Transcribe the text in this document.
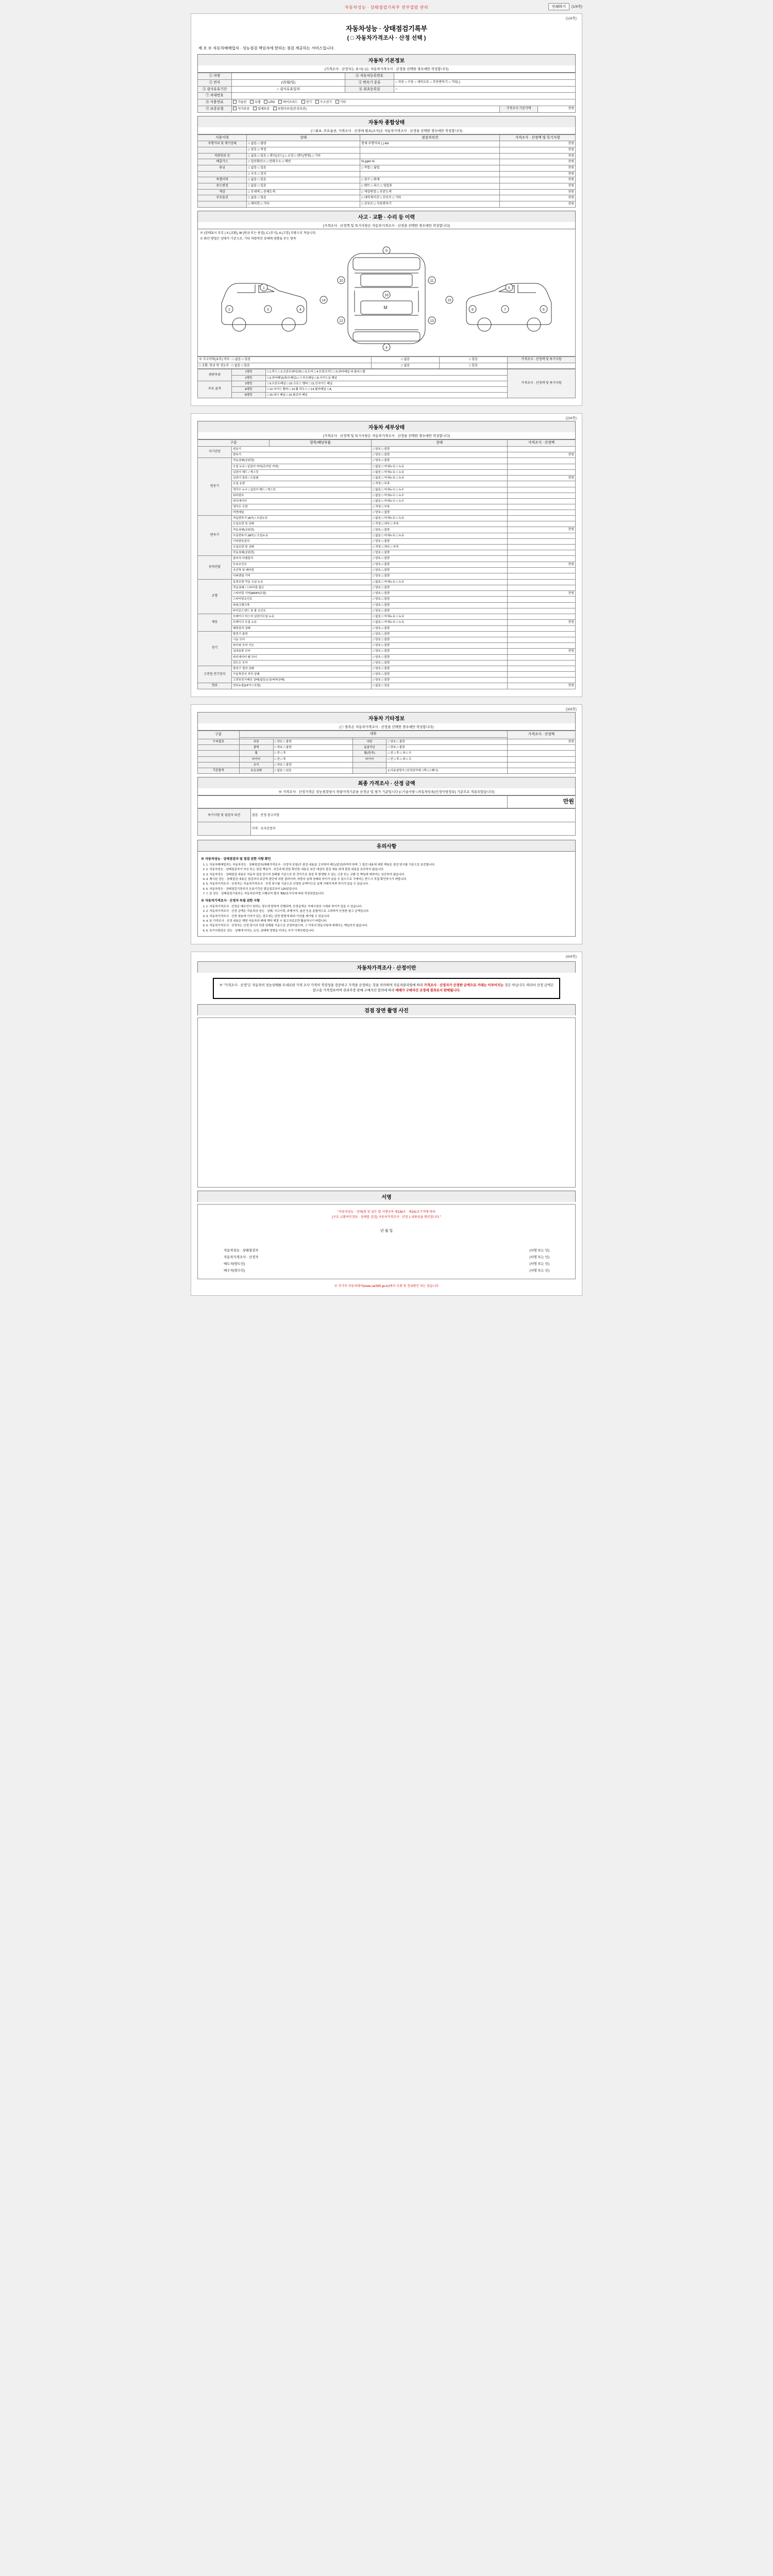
자동차성능 · 상태점검기록부 전부열람 관리	인쇄하기	(1/4쪽)
(1/4쪽)
자동차성능 · 상태점검기록부
( □ 자동차가격조사 · 산정 선택 )
제 호 ※ 자동차매매업자 · 성능점검 책임자에 한하는 점검 계공하는 서비스입니다.
자동차 기본정보
(가격조사 · 산정자는 표시(○)는 자동차가격조사 · 산정을 선택한 경우에만 작성합니다)
① 차명		④ 자동차등록번호			
② 연식	(년/월/일)	⑤ 변속기 종류	○ 자동 ○ 수동 ○ 세미오토 ○ 무단변속기 ○ 기타( )		
③ 검사유효기간	○ 검사유효일자	⑥ 최초등록일	~		
⑦ 차대번호					
⑧ 사용연료	가솔린 디젤 LPG 하이브리드 전기 수소전기 기타				
⑨ 보증유형	자가보증 업체보증 보험사보증(무상보증)			가격조사 기준가액	천원
자동차 종합상태
(◇최초, 주요옵션, 가격조사 · 산정에 필요(조사)은 자동차가격조사 · 산정을 선택한 경우에만 작성합니다)
사용이력	상태	점검자의견	가격조사 · 산정액 및 특기사항
주행거리 및 계기상태	□ 없음 □ 불량	현재 주행거리 ( ) km	천원
	□ 양호 □ 적정		천원
차량연료 등	□ 없음 □ 있음 □ 확인(코드) □ 교정 □ 렌트(변형) □ 기타		천원
배출가스	□ 일산화탄소 □ 탄화수소 □ 매연	% ppm %	천원
튜닝	□ 없음 □ 있음	□ 적법 □ 불법	천원
	□ 구조 □ 장치		천원
특별이력	□ 없음 □ 있음	□ 침수 □ 화재	천원
용도변경	□ 없음 □ 있음	□ 렌트 □ 리스 □ 영업용	천원
색상	□ 무채색 □ 전체도색	□ 색상변경 □ 부분도색	천원
주요옵션	□ 없음 □ 있음	□ 내비게이션 □ 선루프 □ 기타	천원
	□ 에어컨 □ 기타	□ 선루프 □ 자동변속기	천원
사고 · 교환 · 수리 등 이력
(가격조사 · 산정액 및 특기사항은 자동차가격조사 · 산정을 선택한 경우에만 작성합니다)
※ (상태표시 부호 ) X (교환), W (판금 또는 용접), C (부식), A (고장) 부품으로 적습니다.
※ 화인 방법은 상태가 기준으로, 기타 차량적인 상태에 영향을 주는 항목
M
1
2	3	4
5
6
7
8
9
4
10	11
12	13
14	15
16
※ 사고이력(유무) 여부 : □ 없음 □ 있음	□ 없음	□ 있음	가격조사 · 산정액 및 특기사항
□ 교환, 판금 및 성능부 : □ 없음 □ 있음	□ 없음	□ 있음	
외판부위	1랭킹	□ 1.후드 □ 2.프론트펜더(좌) □ 3.도어 □ 4.트렁크리드 □ 5.쿼터패널 외 플러스별	가격조사 · 산정액 및 특기사항
	2랭킹	□ 6.퀴어패널(좌/우패널) □ 7.루프패널 □ 8.사이드실 패널	
주요 골격	3랭킹	□ 9.프론트패널 □ 10.크로스 멤버 □ 11.인사이드 패널	
	A랭킹	□ 12.사이드 멤버 □ 13.휠 하우스 □ 14.필러패널 □ A,	
	B랭킹	□ 15.대시 패널 □ 16.플로어 패널	
(2/4쪽)
자동차 세부상태
(가격조사 · 산정액 및 특기사항은 자동차가격조사 · 산정을 선택한 경우에만 작성합니다)
구분		항목/해당부품	상태	가격조사 · 산정액
자기진단	원동기		□ 양호 □ 불량	
	변속기		□ 양호 □ 불량	천원
원동기	작동상태(공회전)		□ 양호 □ 불량	
	오일 누유 / 실린더 커버(로커암 커버)		□ 없음 □ 미세누유 □ 누유	
	실린더 헤드 / 개스킷		□ 없음 □ 미세누유 □ 누유	
	실린더 블록 / 오일팬		□ 없음 □ 미세누유 □ 누유	천원
	오일 유량		□ 적정 □ 부족	
	냉각수 누수 / 실린더 헤드 / 개스킷		□ 없음 □ 미세누수 □ 누수	
	워터펌프		□ 없음 □ 미세누수 □ 누수	
	라디에이터		□ 없음 □ 미세누수 □ 누수	
	냉각수 수량		□ 적정 □ 부족	
	커먼레일		□ 양호 □ 불량	
변속기	자동변속기 (A/T) / 오일누유		□ 없음 □ 미세누유 □ 누유	
	오일유량 및 상태		□ 적정 □ 과다 □ 부족	
	작동상태(공회전)		□ 양호 □ 불량	천원
	수동변속기 (M/T) / 오일누유		□ 없음 □ 미세누유 □ 누유	
	기어변속장치		□ 양호 □ 불량	
	오일유량 및 상태		□ 적정 □ 과다 □ 부족	
	작동상태(공회전)		□ 양호 □ 불량	
동력전달	클러치 어셈블리		□ 양호 □ 불량	
	등속조인트		□ 양호 □ 불량	천원
	추진축 및 베어링		□ 양호 □ 불량	
	디퍼렌셜 기어		□ 양호 □ 불량	
조향	동력조향 작동 오일 누유		□ 없음 □ 미세누유 □ 누유	
	작동상태 / 스티어링 펌프		□ 양호 □ 불량	
	스티어링 기어(MDPS포함)		□ 양호 □ 불량	천원
	스티어링조인트		□ 양호 □ 불량	
	파워크랭크축		□ 양호 □ 불량	
	타이로드엔드 및 볼 조인트		□ 양호 □ 불량	
제동	브레이크 마스터 실린더오일 누유		□ 없음 □ 미세누유 □ 누유	
	브레이크 오일 누유		□ 없음 □ 미세누유 □ 누유	천원
	배력장치 상태		□ 양호 □ 불량	
전기	발전기 출력		□ 양호 □ 불량	
	시동 모터		□ 양호 □ 불량	
	와이퍼 모터 기능		□ 양호 □ 불량	
	실내송풍 모터		□ 양호 □ 불량	천원
	라디에이터 팬 모터		□ 양호 □ 불량	
	윈도우 모터		□ 양호 □ 불량	
고전원 전기장치	충전구 절연 상태		□ 양호 □ 불량	
	구동축전지 격리 상태		□ 양호 □ 불량	
	고전원전기배선 상태(접촉/손상/피복상태)		□ 양호 □ 불량	
연료	연료누출(LP가스포함)		□ 없음 □ 있음	천원
(3/4쪽)
자동차 기타정보
(◇ 항목은 자동차가격조사 · 산정을 선택한 경우에만 작성합니다)
구분	내부				가격조사 · 산정액

수리필요	외장	□ 양호 □ 불량	내장	□ 양호 □ 불량	천원
	광택	□ 양호 □ 불량	룸클리닝	□ 양호 □ 불량	
	휠	□ 전 □ 후	휠(전/후)	□ 전 □ 후 □ 좌 □ 우	
	타이어	□ 전 □ 후	타이어	□ 전 □ 후 □ 좌 □ 우	
	유리	□ 양호 □ 불량			
기본품목	보유상태	□ 없음 □ 있음		(□사용설명서 □안전삼각대 □잭 □스패너)	
최종 가격조사 · 산정 금액
※ 가격조사 · 산정가격은 성능점검당시 차량가격기준을 산정금 및 평가 기준입니다 (□기술사항 □자동차등록(인정사항정보) 기준으로 적용되었습니다)
	만원
특기사항 및 점검자 의견	점검 · 산정 참고사항
	가격 · 조사산정자
유의사항
※ 자동차성능 · 상태점검자 및 점검 권한 사항 확인
1. 1. 자동차매매업자는 자동차성능 · 상태점검자(매매가격조사 · 산정자 포함)가 점검 내용을 고지하여 매도(알선)하여야 하며 그 점검 내용에 대한 책임은 점검 당시를 기준으로 보증합니다.
2. 2. 자동차성능 · 상태점검자가 자신 또는 점검 책임자 · 보증주체 관한 확인한 내용은 보증 대상의 점검 내용 외에 점검 내용을 보증하지 않습니다.
3. 3. 자동차성능 · 상태점검 내용은 자동차 점검 당시의 상태를 기준으로 한 것이므로 점검 후 발생할 수 있는 고장 또는 교환 등 책임에 대하여는 보증하지 않습니다.
4. 4. 제시된 성능 · 상태점검 내용은 점검자의 주관적 판단에 의한 결과이며, 차량의 실제 상태와 차이가 있을 수 있으므로 구매자는 반드시 직접 확인하시기 바랍니다.
5. 5. 자동차가격조사 · 산정자는 자동차가격조사 · 산정 당시를 기준으로 산정한 금액이므로 실제 거래가격과 차이가 있을 수 있습니다.
6. 6. 자동차성능 · 상태점검기록부의 유효기간은 발급일로부터 120일입니다.
7. 7. 본 성능 · 상태점검기록부는 자동차관리법 시행규칙 별지 제82호서식에 따라 작성되었습니다.
※ 자동차가격조사 · 산정자 독립 권한 사항
1. 1. 자동차가격조사 · 산정은 매수인이 원하는 경우에 한하여 진행되며, 산정금액은 거래시점의 시세와 차이가 있을 수 있습니다.
2. 2. 자동차가격조사 · 산정 금액은 자동차의 성능 · 상태, 사고이력, 주행거리, 옵션 등을 종합적으로 고려하여 산정한 참고 금액입니다.
3. 3. 자동차가격조사 · 산정 내용에 이의가 있는 경우에는 관련 법령에 따라 이의를 제기할 수 있습니다.
4. 4. 본 가격조사 · 산정 내용은 해당 자동차의 매매 계약 체결 시 참고자료로만 활용하시기 바랍니다.
5. 5. 자동차가격조사 · 산정자는 산정 당시의 차량 상태를 기준으로 산정하였으며, 그 이후의 변동사항에 대해서는 책임지지 않습니다.
6. 6. 특기사항란은 성능 · 상태에 미치는 요인, 상태에 영향을 미치는 추가 기재사항입니다.
(4/4쪽)
자동차가격조사 · 산정이란
※ "가격조사 · 산정"은 자동차의 성능상태를 토대로한 가격 조사 가격의 적정성을 검증하고 가격을 산정하는 것을 의미하며 자동차관리법에 따라 가격조사 · 산정자가 산정한 금액으로 거래는 이루어지는 것은 아닙니다. 따라서 산정 금액은 참고용 가격정보이며 권리주장 판매 구매자간 합의에 따라 매매가 구매자간 조정에 결과로서 판매됩니다.
검점 장면 촬영 사진
서명
"자동차성능 · 상태(및 및 같은 법 시행규칙 제136조 · 제141조기거에 따라
(구조·교환여부정보 · 상태를 검검) 자동차가격조사 · 산정 1 내용임을 확인합니다."
년 월 일
자동차성능 · 상태점검자	(서명 또는 인)
자동차가격조사 · 산정자	(서명 또는 인)
매도자(양도인)	(서명 또는 인)
매수자(양수인)	(서명 또는 인)
※ 자기차 자동차대여(www.car365.go.kr)에서 조회 및 진위확인 되는 있습니다
